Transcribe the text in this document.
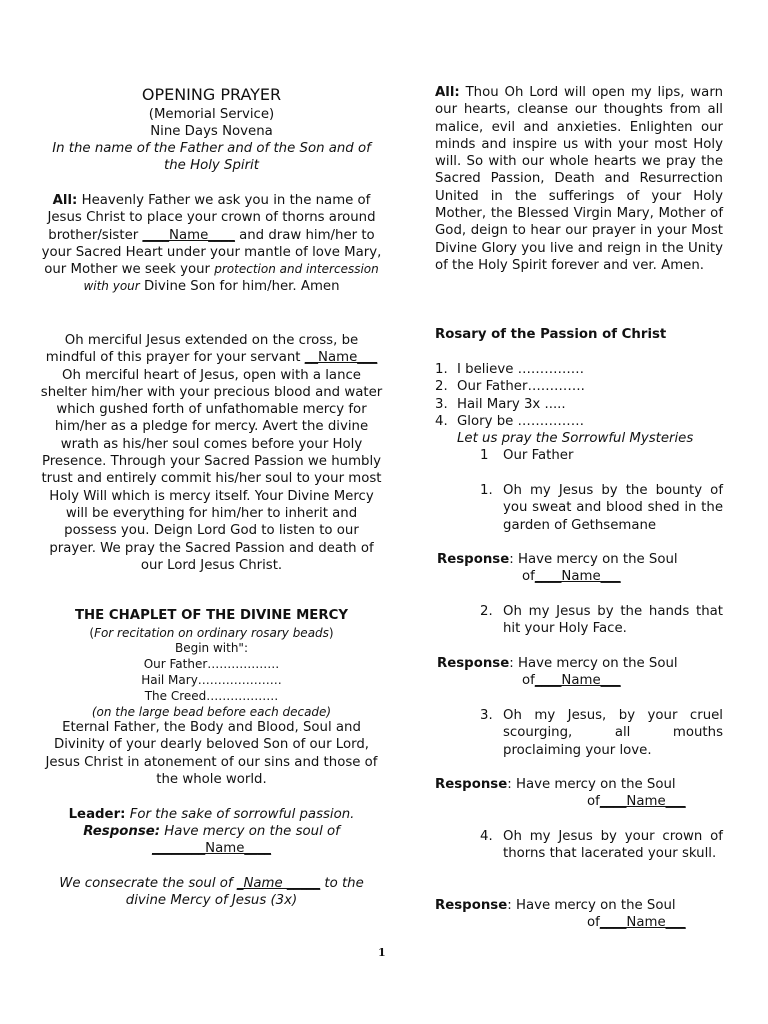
OPENING PRAYER
(Memorial Service)
Nine Days Novena
In the name of the Father and of the Son and of the Holy Spirit
All: Heavenly Father we ask you in the name of Jesus Christ to place your crown of thorns around brother/sister ____Name____ and draw him/her to your Sacred Heart under your mantle of love Mary, our Mother we seek your protection and intercession with your Divine Son for him/her. Amen
Oh merciful Jesus extended on the cross, be mindful of this prayer for your servant __Name___ Oh merciful heart of Jesus, open with a lance shelter him/her with your precious blood and water which gushed forth of unfathomable mercy for him/her as a pledge for mercy. Avert the divine wrath as his/her soul comes before your Holy Presence. Through your Sacred Passion we humbly trust and entirely commit his/her soul to your most Holy Will which is mercy itself. Your Divine Mercy will be everything for him/her to inherit and possess you. Deign Lord God to listen to our prayer. We pray the Sacred Passion and death of our Lord Jesus Christ.
THE CHAPLET OF THE DIVINE MERCY
(For recitation on ordinary rosary beads)
Begin with":
Our Father………………
Hail Mary…………………
The Creed………………
(on the large bead before each decade)
Eternal Father, the Body and Blood, Soul and Divinity of your dearly beloved Son of our Lord, Jesus Christ in atonement of our sins and those of the whole world.
Leader: For the sake of sorrowful passion.
Response: Have mercy on the soul of
________Name____
We consecrate the soul of _Name _____ to the divine Mercy of Jesus (3x)
All: Thou Oh Lord will open my lips, warn our hearts, cleanse our thoughts from all malice, evil and anxieties. Enlighten our minds and inspire us with your most Holy will. So with our whole hearts we pray the Sacred Passion, Death and Resurrection United in the sufferings of your Holy Mother, the Blessed Virgin Mary, Mother of God, deign to hear our prayer in your Most Divine Glory you live and reign in the Unity of the Holy Spirit forever and ver. Amen.
Rosary of the Passion of Christ
1. I believe ……………
2. Our Father………….
3. Hail Mary 3x .....
4. Glory be ……………
Let us pray the Sorrowful Mysteries
1 Our Father
1. Oh my Jesus by the bounty of you sweat and blood shed in the garden of Gethsemane
Response: Have mercy on the Soul
of____Name___
2. Oh my Jesus by the hands that hit your Holy Face.
Response: Have mercy on the Soul
of____Name___
3. Oh my Jesus, by your cruel scourging, all mouths proclaiming your love.
Response: Have mercy on the Soul
of____Name___
4. Oh my Jesus by your crown of thorns that lacerated your skull.
Response: Have mercy on the Soul
of____Name___
1
